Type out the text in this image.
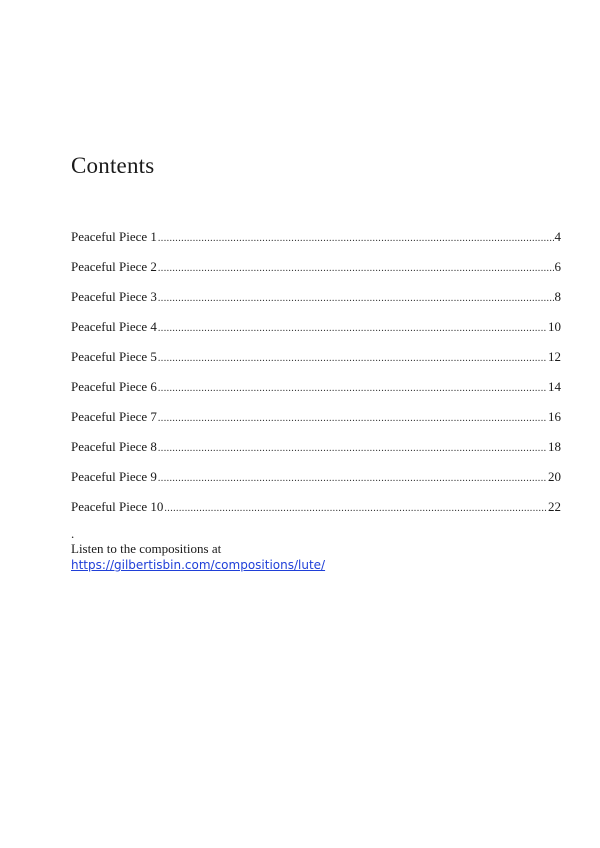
Contents
Peaceful Piece 1 .....	4
Peaceful Piece 2 .....	6
Peaceful Piece 3 .....	8
Peaceful Piece 4 .....	10
Peaceful Piece 5 .....	12
Peaceful Piece 6 .....	14
Peaceful Piece 7 .....	16
Peaceful Piece 8 .....	18
Peaceful Piece 9 .....	20
Peaceful Piece 10 .....	22
.
Listen to the compositions at
https://gilbertisbin.com/compositions/lute/
